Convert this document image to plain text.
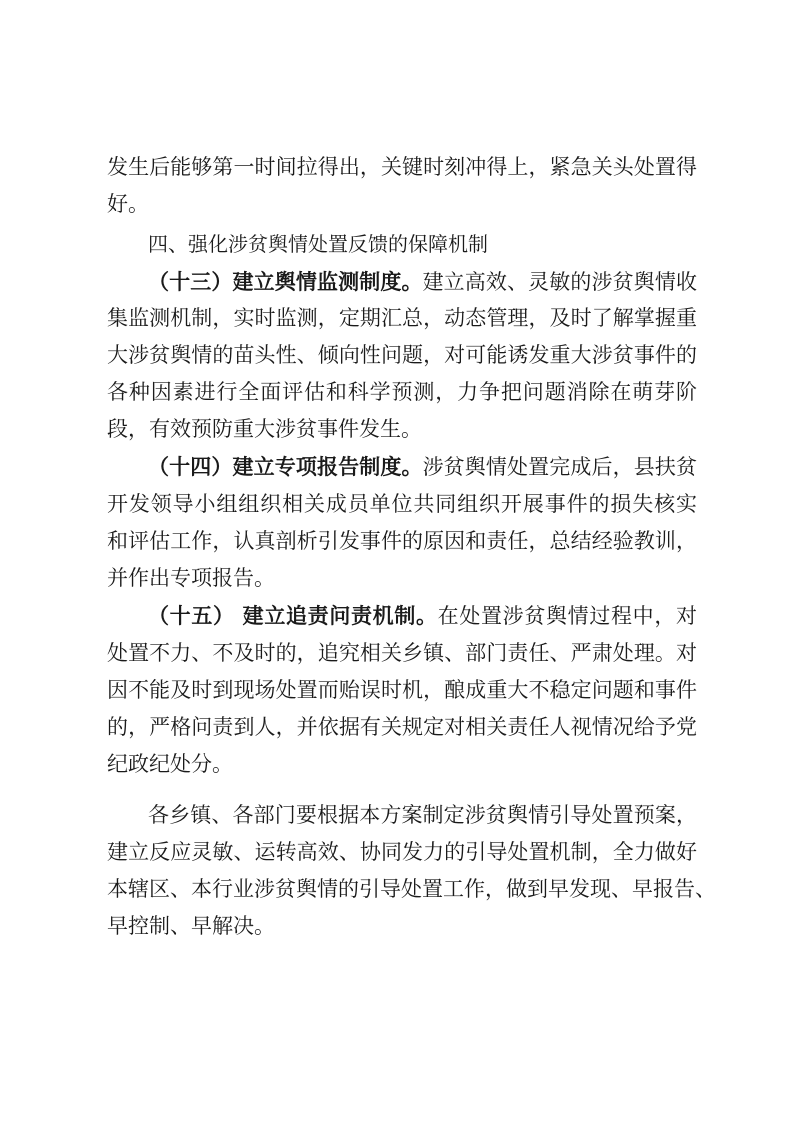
发生后能够第一时间拉得出，关键时刻冲得上，紧急关头处置得
好。
四、强化涉贫舆情处置反馈的保障机制
（十三）建立舆情监测制度。建立高效、灵敏的涉贫舆情收
集监测机制，实时监测，定期汇总，动态管理，及时了解掌握重
大涉贫舆情的苗头性、倾向性问题，对可能诱发重大涉贫事件的
各种因素进行全面评估和科学预测，力争把问题消除在萌芽阶
段，有效预防重大涉贫事件发生。
（十四）建立专项报告制度。涉贫舆情处置完成后，县扶贫
开发领导小组组织相关成员单位共同组织开展事件的损失核实
和评估工作，认真剖析引发事件的原因和责任，总结经验教训，
并作出专项报告。
（十五） 建立追责问责机制。在处置涉贫舆情过程中，对
处置不力、不及时的，追究相关乡镇、部门责任、严肃处理。对
因不能及时到现场处置而贻误时机，酿成重大不稳定问题和事件
的，严格问责到人，并依据有关规定对相关责任人视情况给予党
纪政纪处分。
各乡镇、各部门要根据本方案制定涉贫舆情引导处置预案，
建立反应灵敏、运转高效、协同发力的引导处置机制，全力做好
本辖区、本行业涉贫舆情的引导处置工作，做到早发现、早报告、
早控制、早解决。
